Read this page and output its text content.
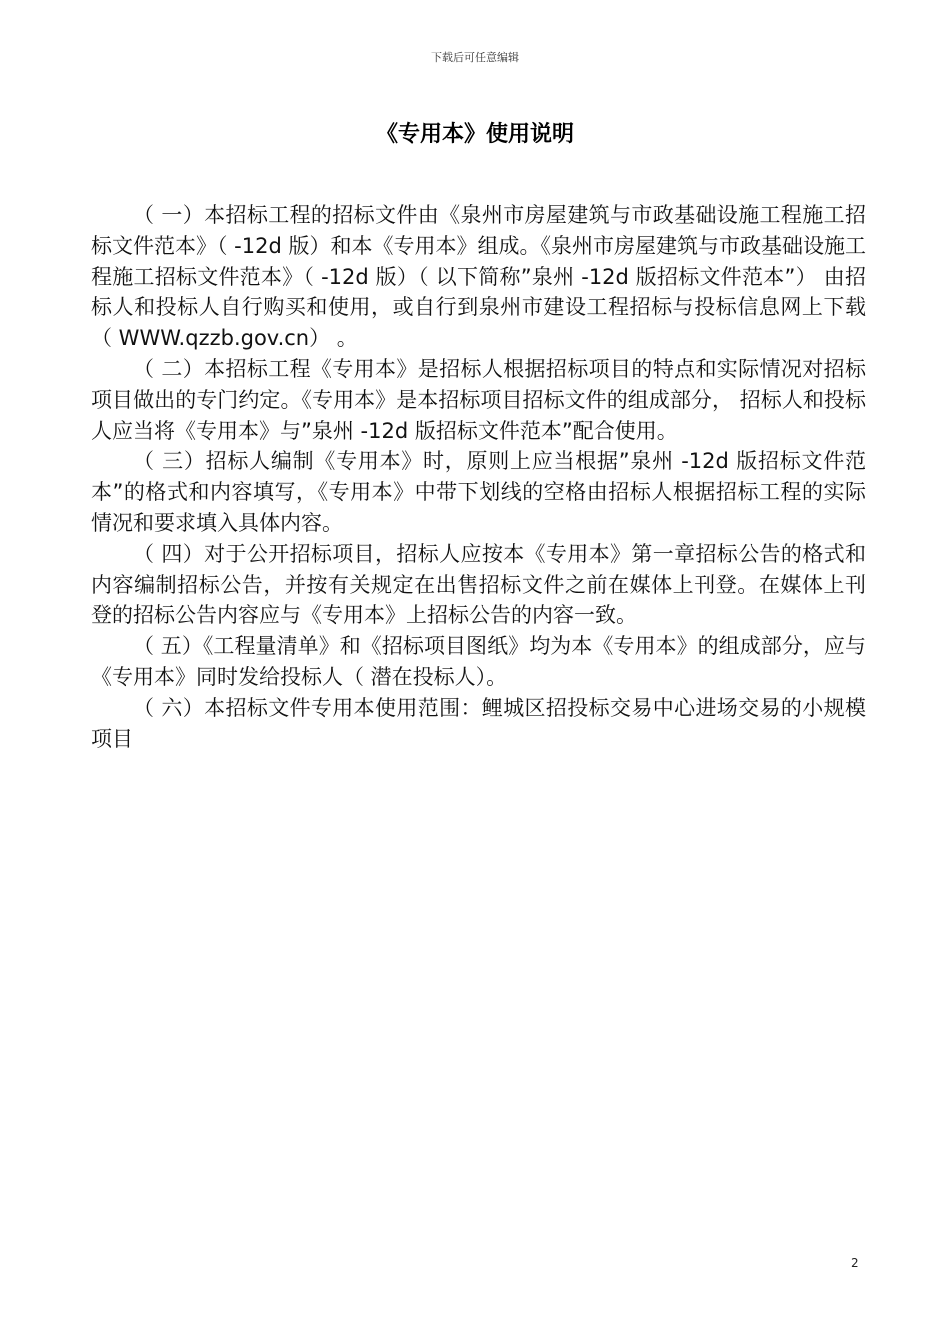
下载后可任意编辑
《专用本》使用说明

（ 一）本招标工程的招标文件由《泉州市房屋建筑与市政基础设施工程施工招标文件范本》（ -12d 版）和本《专用本》组成。《泉州市房屋建筑与市政基础设施工程施工招标文件范本》（ -12d 版）（ 以下简称”泉州 -12d 版招标文件范本”） 由招标人和投标人自行购买和使用，或自行到泉州市建设工程招标与投标信息网上下载（ WWW.qzzb.gov.cn） 。

（ 二）本招标工程《专用本》是招标人根据招标项目的特点和实际情况对招标项目做出的专门约定。《专用本》是本招标项目招标文件的组成部分， 招标人和投标人应当将《专用本》与”泉州 -12d 版招标文件范本”配合使用。

（ 三）招标人编制《专用本》时，原则上应当根据”泉州 -12d 版招标文件范本”的格式和内容填写，《专用本》中带下划线的空格由招标人根据招标工程的实际情况和要求填入具体内容。

（ 四）对于公开招标项目，招标人应按本《专用本》第一章招标公告的格式和内容编制招标公告，并按有关规定在出售招标文件之前在媒体上刊登。在媒体上刊登的招标公告内容应与《专用本》上招标公告的内容一致。

（ 五）《工程量清单》和《招标项目图纸》均为本《专用本》的组成部分，应与《专用本》同时发给投标人（ 潜在投标人）。

（ 六）本招标文件专用本使用范围：鲤城区招投标交易中心进场交易的小规模项目

2
